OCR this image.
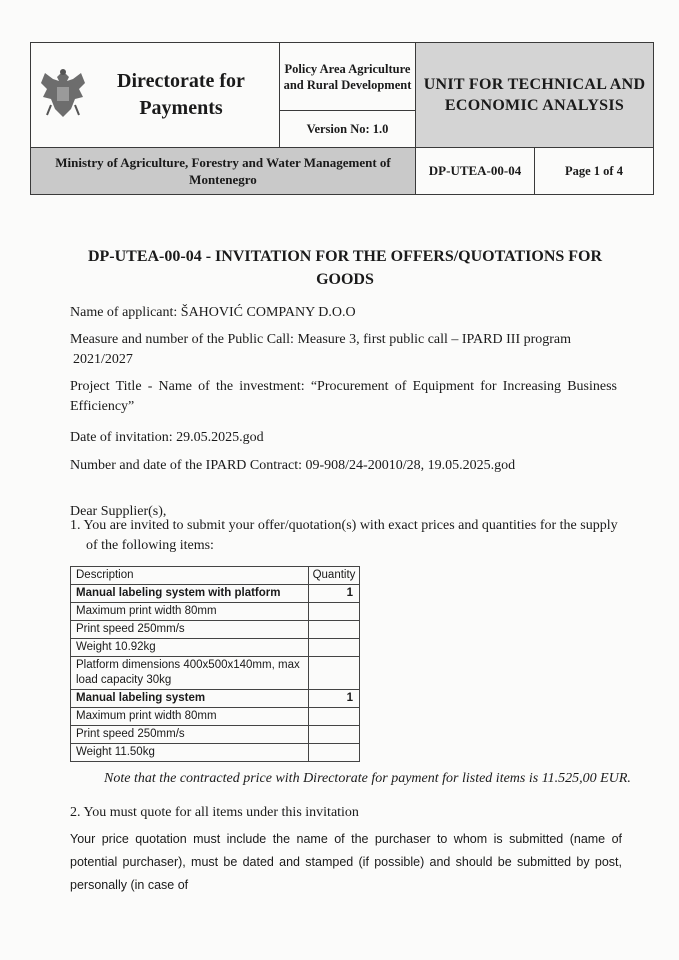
Directorate for Payments	Policy Area Agriculture and Rural Development	UNIT FOR TECHNICAL AND ECONOMIC ANALYSIS	
	Version No: 1.0		
Ministry of Agriculture, Forestry and Water Management of Montenegro		DP-UTEA-00-04	Page 1 of 4
DP-UTEA-00-04 - INVITATION FOR THE OFFERS/QUOTATIONS FOR GOODS
Name of applicant: ŠAHOVIĆ COMPANY D.O.O
Measure and number of the Public Call: Measure 3, first public call – IPARD III program
2021/2027
Project Title - Name of the investment: “Procurement of Equipment for Increasing Business Efficiency”
Date of invitation: 29.05.2025.god
Number and date of the IPARD Contract: 09-908/24-20010/28, 19.05.2025.god
Dear Supplier(s),
1. You are invited to submit your offer/quotation(s) with exact prices and quantities for the supply of the following items:
Description	Quantity
Manual labeling system with platform	1
Maximum print width 80mm	
Print speed 250mm/s	
Weight 10.92kg	
Platform dimensions 400x500x140mm, max load capacity 30kg	
Manual labeling system	1
Maximum print width 80mm	
Print speed 250mm/s	
Weight 11.50kg	
Note that the contracted price with Directorate for payment for listed items is 11.525,00 EUR.
2. You must quote for all items under this invitation
Your price quotation must include the name of the purchaser to whom is submitted (name of potential purchaser), must be dated and stamped (if possible) and should be submitted by post, personally (in case of
